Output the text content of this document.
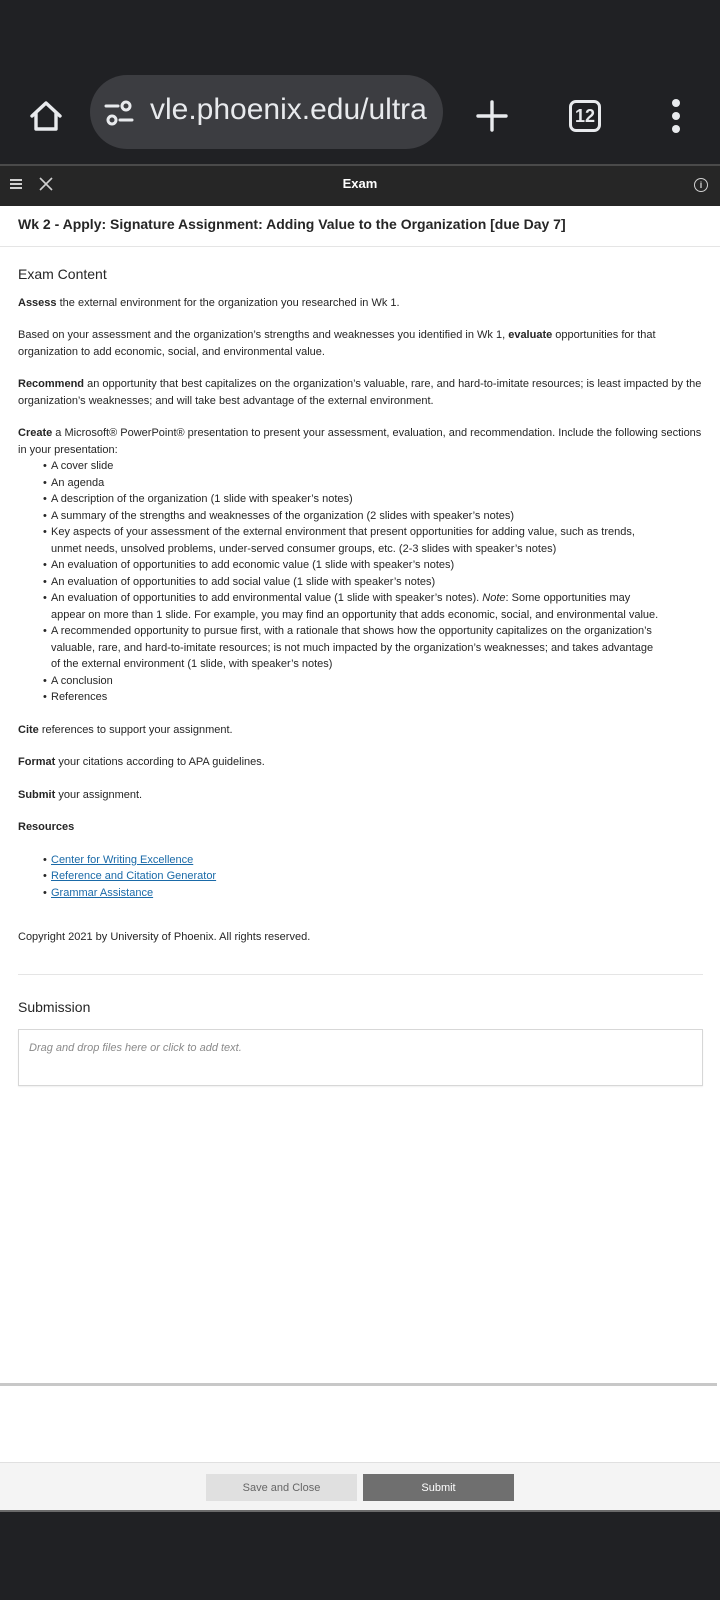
vle.phoenix.edu/ultra	12
Exam	i
Wk 2 - Apply: Signature Assignment: Adding Value to the Organization [due Day 7]
Exam Content

Assess the external environment for the organization you researched in Wk 1.

Based on your assessment and the organization’s strengths and weaknesses you identified in Wk 1, evaluate opportunities for that organization to add economic, social, and environmental value.

Recommend an opportunity that best capitalizes on the organization’s valuable, rare, and hard-to-imitate resources; is least impacted by the organization’s weaknesses; and will take best advantage of the external environment.

Create a Microsoft® PowerPoint® presentation to present your assessment, evaluation, and recommendation. Include the following sections in your presentation:

• A cover slide
• An agenda
• A description of the organization (1 slide with speaker’s notes)
• A summary of the strengths and weaknesses of the organization (2 slides with speaker’s notes)
• Key aspects of your assessment of the external environment that present opportunities for adding value, such as trends, unmet needs, unsolved problems, under-served consumer groups, etc. (2-3 slides with speaker’s notes)
• An evaluation of opportunities to add economic value (1 slide with speaker’s notes)
• An evaluation of opportunities to add social value (1 slide with speaker’s notes)
• An evaluation of opportunities to add environmental value (1 slide with speaker’s notes). Note: Some opportunities may appear on more than 1 slide. For example, you may find an opportunity that adds economic, social, and environmental value.
• A recommended opportunity to pursue first, with a rationale that shows how the opportunity capitalizes on the organization’s valuable, rare, and hard-to-imitate resources; is not much impacted by the organization’s weaknesses; and takes advantage of the external environment (1 slide, with speaker’s notes)
• A conclusion
• References

Cite references to support your assignment.

Format your citations according to APA guidelines.

Submit your assignment.

Resources

• Center for Writing Excellence
• Reference and Citation Generator
• Grammar Assistance
Copyright 2021 by University of Phoenix. All rights reserved.
Submission
Drag and drop files here or click to add text.
Save and Close	Submit
